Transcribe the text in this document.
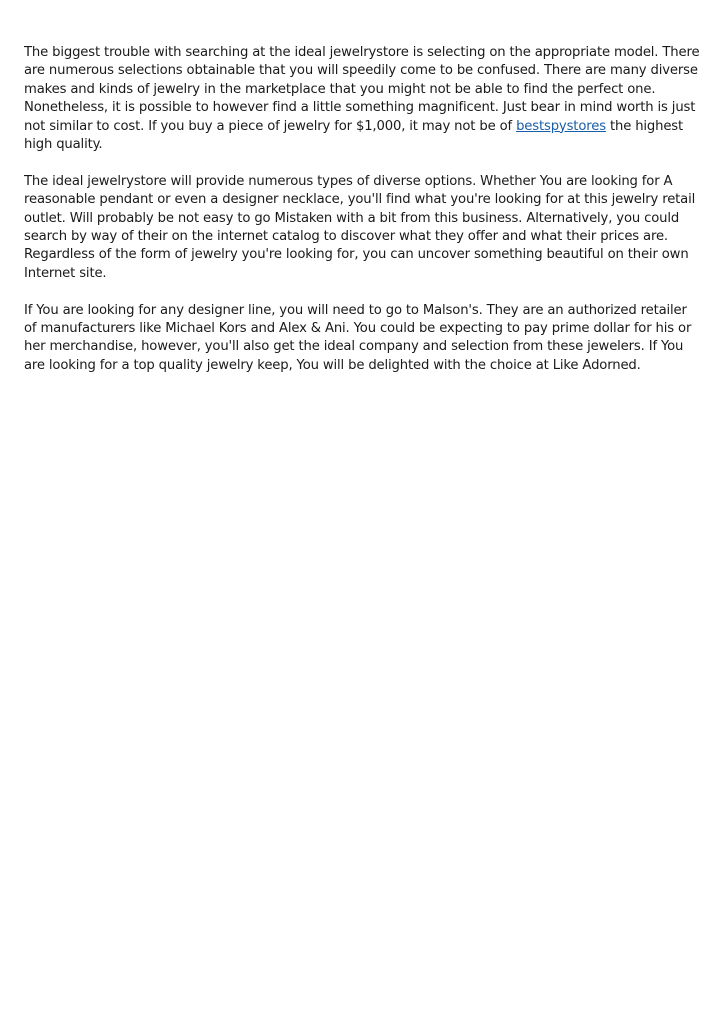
The biggest trouble with searching at the ideal jewelrystore is selecting on the appropriate model. There are numerous selections obtainable that you will speedily come to be confused. There are many diverse makes and kinds of jewelry in the marketplace that you might not be able to find the perfect one. Nonetheless, it is possible to however find a little something magnificent. Just bear in mind worth is just not similar to cost. If you buy a piece of jewelry for $1,000, it may not be of bestspystores the highest high quality.

The ideal jewelrystore will provide numerous types of diverse options. Whether You are looking for A reasonable pendant or even a designer necklace, you'll find what you're looking for at this jewelry retail outlet. Will probably be not easy to go Mistaken with a bit from this business. Alternatively, you could search by way of their on the internet catalog to discover what they offer and what their prices are. Regardless of the form of jewelry you're looking for, you can uncover something beautiful on their own Internet site.

If You are looking for any designer line, you will need to go to Malson's. They are an authorized retailer of manufacturers like Michael Kors and Alex & Ani. You could be expecting to pay prime dollar for his or her merchandise, however, you'll also get the ideal company and selection from these jewelers. If You are looking for a top quality jewelry keep, You will be delighted with the choice at Like Adorned.
